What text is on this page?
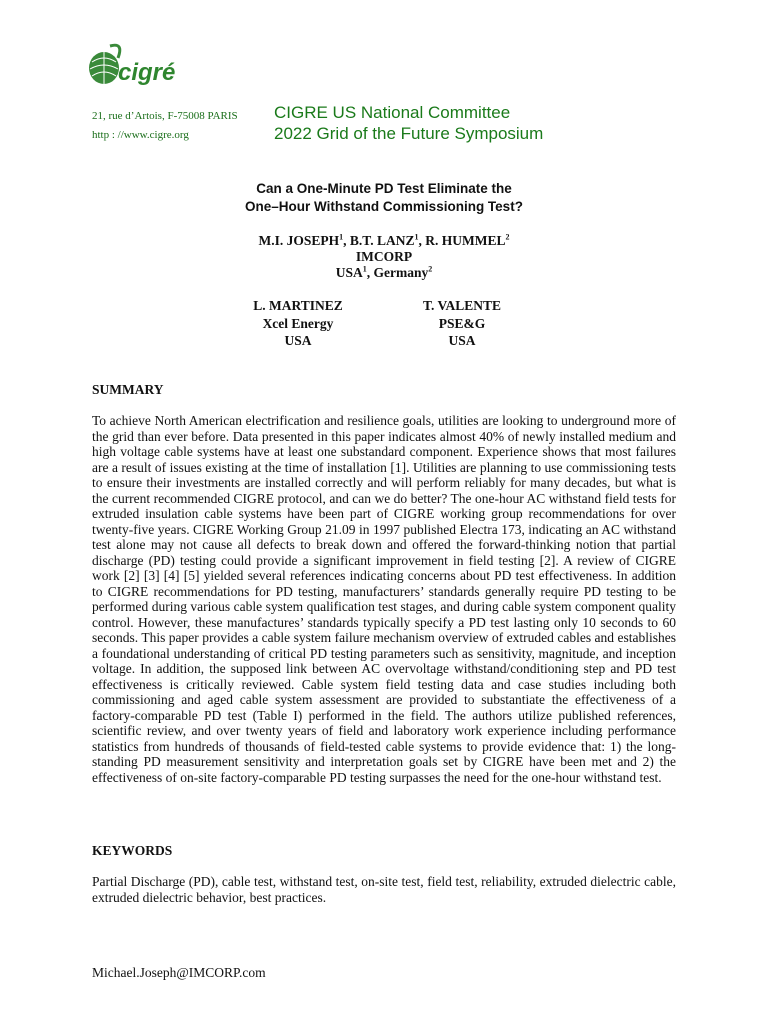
cigré
21, rue d’Artois, F-75008 PARIS
http : //www.cigre.org
CIGRE US National Committee
2022 Grid of the Future Symposium
Can a One-Minute PD Test Eliminate the
One–Hour Withstand Commissioning Test?
M.I. JOSEPH$^1$, B.T. LANZ$^1$, R. HUMMEL$^2$
IMCORP
USA$^1$, Germany$^2$
L. MARTINEZ
Xcel Energy
USA
T. VALENTE
PSE&G
USA
SUMMARY

To achieve North American electrification and resilience goals, utilities are looking to underground more of the grid than ever before. Data presented in this paper indicates almost 40% of newly installed medium and high voltage cable systems have at least one substandard component. Experience shows that most failures are a result of issues existing at the time of installation [1]. Utilities are planning to use commissioning tests to ensure their investments are installed correctly and will perform reliably for many decades, but what is the current recommended CIGRE protocol, and can we do better? The one-hour AC withstand field tests for extruded insulation cable systems have been part of CIGRE working group recommendations for over twenty-five years. CIGRE Working Group 21.09 in 1997 published Electra 173, indicating an AC withstand test alone may not cause all defects to break down and offered the forward-thinking notion that partial discharge (PD) testing could provide a significant improvement in field testing [2]. A review of CIGRE work [2] [3] [4] [5] yielded several references indicating concerns about PD test effectiveness. In addition to CIGRE recommendations for PD testing, manufacturers’ standards generally require PD testing to be performed during various cable system qualification test stages, and during cable system component quality control. However, these manufactures’ standards typically specify a PD test lasting only 10 seconds to 60 seconds. This paper provides a cable system failure mechanism overview of extruded cables and establishes a foundational understanding of critical PD testing parameters such as sensitivity, magnitude, and inception voltage. In addition, the supposed link between AC overvoltage withstand/conditioning step and PD test effectiveness is critically reviewed. Cable system field testing data and case studies including both commissioning and aged cable system assessment are provided to substantiate the effectiveness of a factory-comparable PD test (Table I) performed in the field. The authors utilize published references, scientific review, and over twenty years of field and laboratory work experience including performance statistics from hundreds of thousands of field-tested cable systems to provide evidence that: 1) the long-standing PD measurement sensitivity and interpretation goals set by CIGRE have been met and 2) the effectiveness of on-site factory-comparable PD testing surpasses the need for the one-hour withstand test.

KEYWORDS

Partial Discharge (PD), cable test, withstand test, on-site test, field test, reliability, extruded dielectric cable, extruded dielectric behavior, best practices.

Michael.Joseph@IMCORP.com
